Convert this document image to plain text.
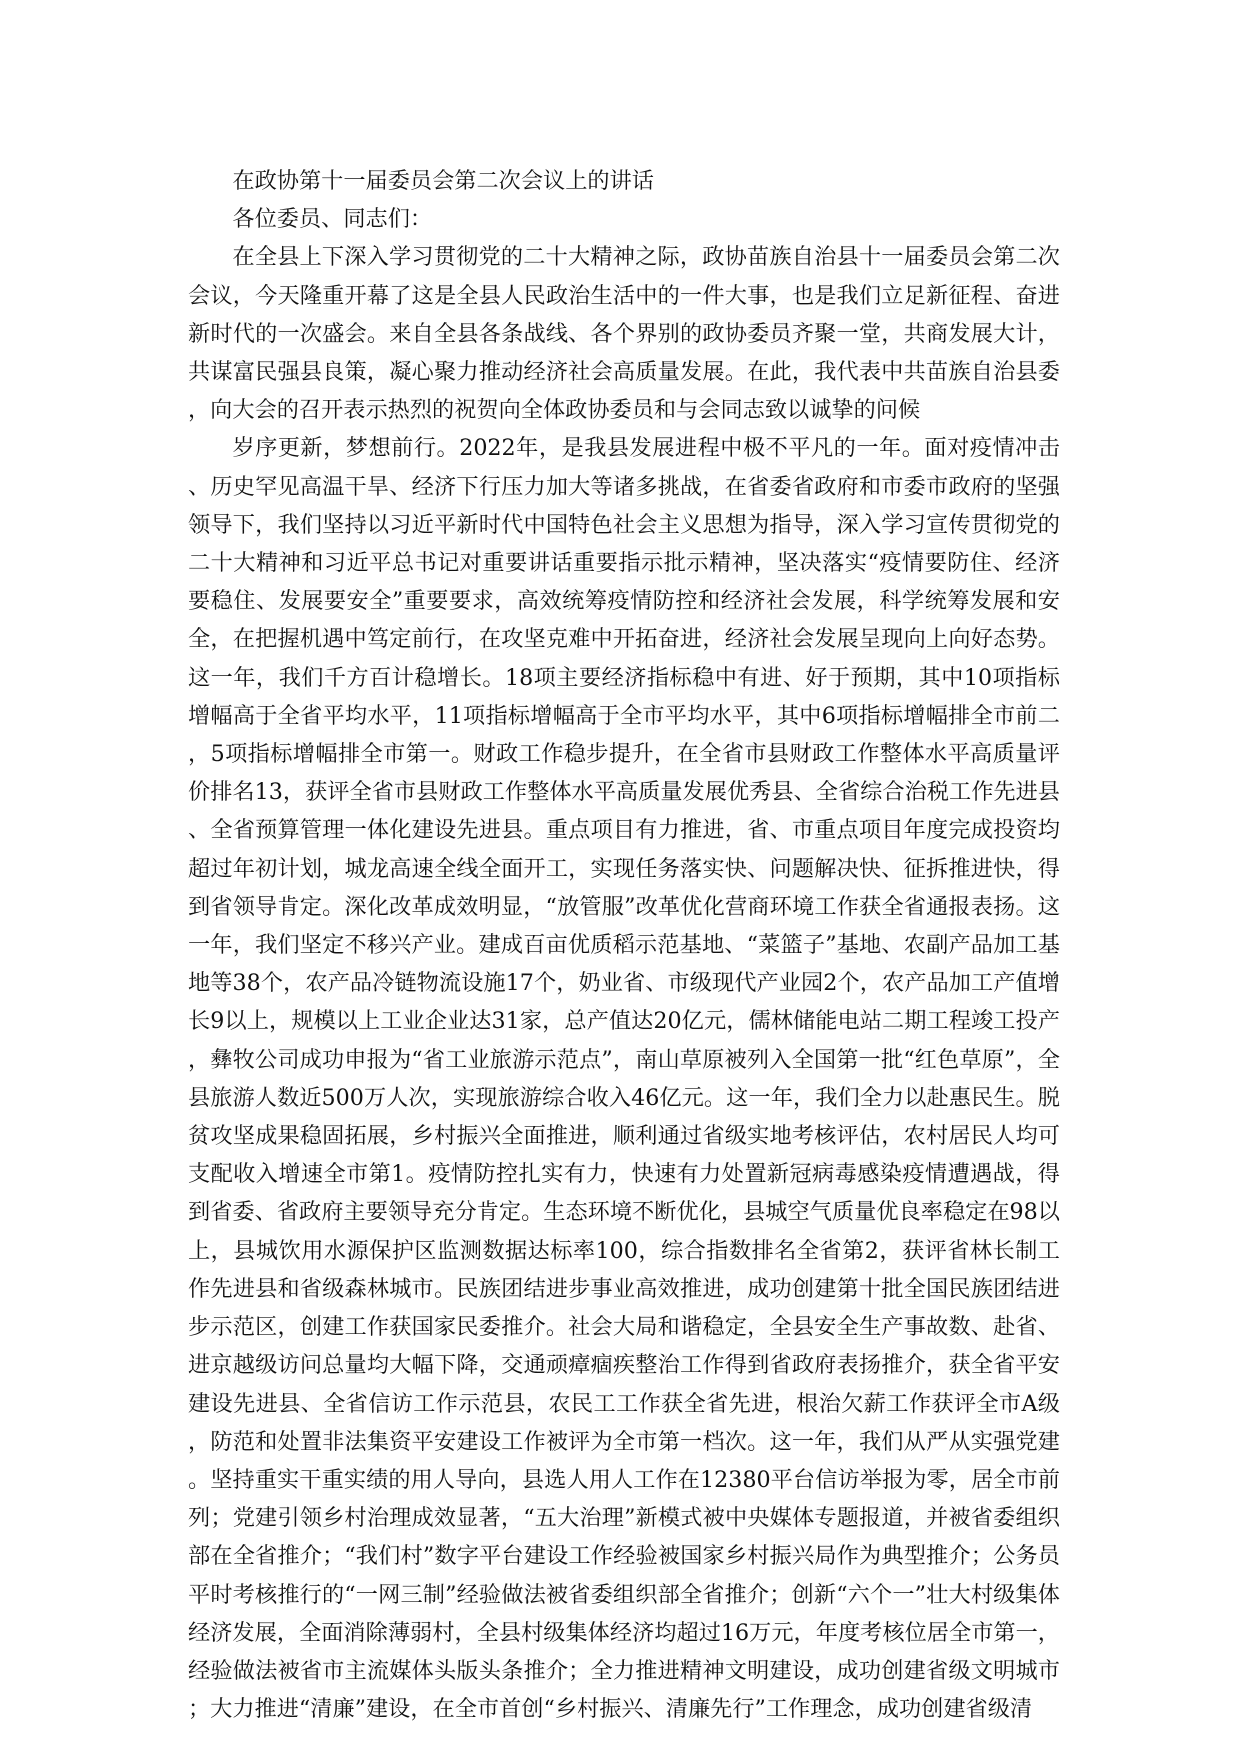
在政协第十一届委员会第二次会议上的讲话

各位委员、同志们：

在全县上下深入学习贯彻党的二十大精神之际，政协苗族自治县十一届委员会第二次会议，今天隆重开幕了这是全县人民政治生活中的一件大事，也是我们立足新征程、奋进新时代的一次盛会。来自全县各条战线、各个界别的政协委员齐聚一堂，共商发展大计，共谋富民强县良策，凝心聚力推动经济社会高质量发展。在此，我代表中共苗族自治县委，向大会的召开表示热烈的祝贺向全体政协委员和与会同志致以诚挚的问候

岁序更新，梦想前行。2022年，是我县发展进程中极不平凡的一年。面对疫情冲击、历史罕见高温干旱、经济下行压力加大等诸多挑战，在省委省政府和市委市政府的坚强领导下，我们坚持以习近平新时代中国特色社会主义思想为指导，深入学习宣传贯彻党的二十大精神和习近平总书记对重要讲话重要指示批示精神，坚决落实“疫情要防住、经济要稳住、发展要安全”重要要求，高效统筹疫情防控和经济社会发展，科学统筹发展和安全，在把握机遇中笃定前行，在攻坚克难中开拓奋进，经济社会发展呈现向上向好态势。这一年，我们千方百计稳增长。18项主要经济指标稳中有进、好于预期，其中10项指标增幅高于全省平均水平，11项指标增幅高于全市平均水平，其中6项指标增幅排全市前二，5项指标增幅排全市第一。财政工作稳步提升，在全省市县财政工作整体水平高质量评价排名13，获评全省市县财政工作整体水平高质量发展优秀县、全省综合治税工作先进县、全省预算管理一体化建设先进县。重点项目有力推进，省、市重点项目年度完成投资均超过年初计划，城龙高速全线全面开工，实现任务落实快、问题解决快、征拆推进快，得到省领导肯定。深化改革成效明显，“放管服”改革优化营商环境工作获全省通报表扬。这一年，我们坚定不移兴产业。建成百亩优质稻示范基地、“菜篮子”基地、农副产品加工基地等38个，农产品冷链物流设施17个，奶业省、市级现代产业园2个，农产品加工产值增长9以上，规模以上工业企业达31家，总产值达20亿元，儒林储能电站二期工程竣工投产，彝牧公司成功申报为“省工业旅游示范点”，南山草原被列入全国第一批“红色草原”，全县旅游人数近500万人次，实现旅游综合收入46亿元。这一年，我们全力以赴惠民生。脱贫攻坚成果稳固拓展，乡村振兴全面推进，顺利通过省级实地考核评估，农村居民人均可支配收入增速全市第1。疫情防控扎实有力，快速有力处置新冠病毒感染疫情遭遇战，得到省委、省政府主要领导充分肯定。生态环境不断优化，县城空气质量优良率稳定在98以上，县城饮用水源保护区监测数据达标率100，综合指数排名全省第2，获评省林长制工作先进县和省级森林城市。民族团结进步事业高效推进，成功创建第十批全国民族团结进步示范区，创建工作获国家民委推介。社会大局和谐稳定，全县安全生产事故数、赴省、进京越级访问总量均大幅下降，交通顽瘴痼疾整治工作得到省政府表扬推介，获全省平安建设先进县、全省信访工作示范县，农民工工作获全省先进，根治欠薪工作获评全市A级，防范和处置非法集资平安建设工作被评为全市第一档次。这一年，我们从严从实强党建。坚持重实干重实绩的用人导向，县选人用人工作在12380平台信访举报为零，居全市前列；党建引领乡村治理成效显著，“五大治理”新模式被中央媒体专题报道，并被省委组织部在全省推介；“我们村”数字平台建设工作经验被国家乡村振兴局作为典型推介；公务员平时考核推行的“一网三制”经验做法被省委组织部全省推介；创新“六个一”壮大村级集体经济发展，全面消除薄弱村，全县村级集体经济均超过16万元，年度考核位居全市第一，经验做法被省市主流媒体头版头条推介；全力推进精神文明建设，成功创建省级文明城市；大力推进“清廉”建设，在全市首创“乡村振兴、清廉先行”工作理念，成功创建省级清
